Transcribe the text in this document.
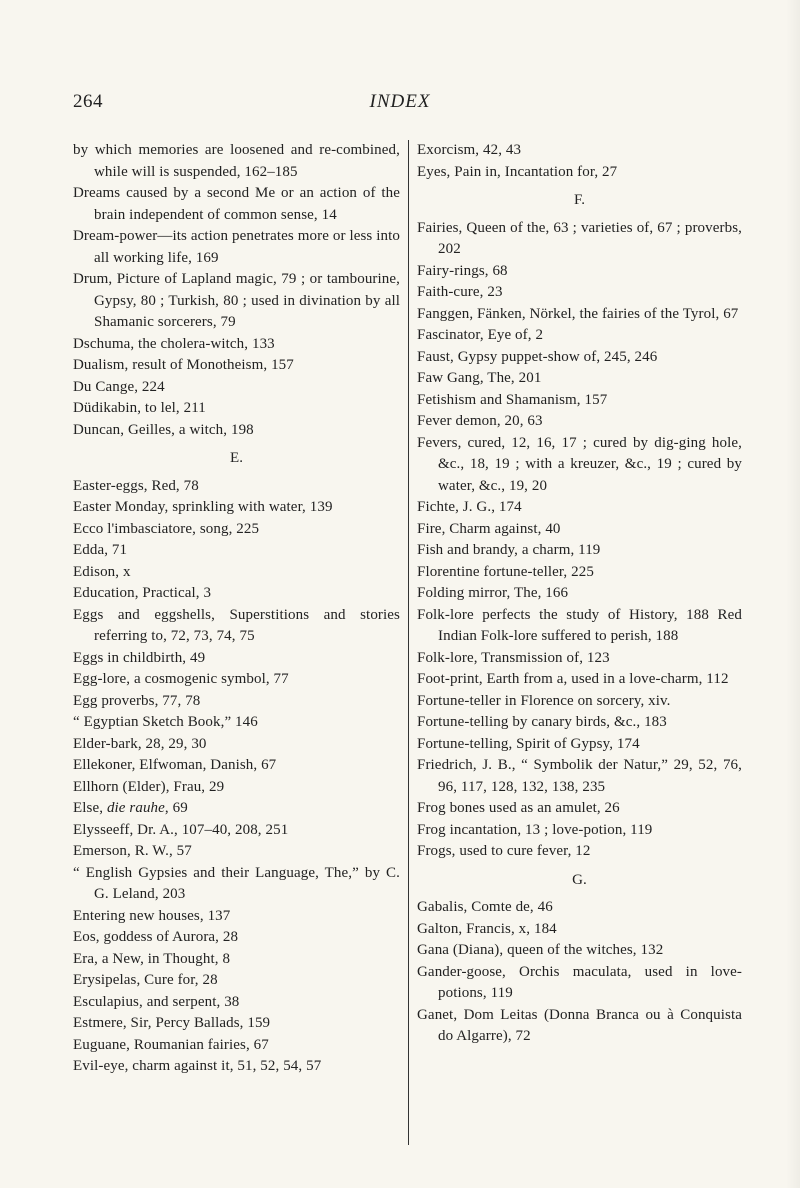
264	INDEX
by which memories are loosened and re-combined, while will is suspended, 162–185
Dreams caused by a second Me or an action of the brain independent of common sense, 14
Dream-power—its action penetrates more or less into all working life, 169
Drum, Picture of Lapland magic, 79 ; or tambourine, Gypsy, 80 ; Turkish, 80 ; used in divination by all Shamanic sorcerers, 79
Dschuma, the cholera-witch, 133
Dualism, result of Monotheism, 157
Du Cange, 224
Düdikabin, to lel, 211
Duncan, Geilles, a witch, 198
E.
Easter-eggs, Red, 78
Easter Monday, sprinkling with water, 139
Ecco l'imbasciatore, song, 225
Edda, 71
Edison, x
Education, Practical, 3
Eggs and eggshells, Superstitions and stories referring to, 72, 73, 74, 75
Eggs in childbirth, 49
Egg-lore, a cosmogenic symbol, 77
Egg proverbs, 77, 78
“ Egyptian Sketch Book,” 146
Elder-bark, 28, 29, 30
Ellekoner, Elfwoman, Danish, 67
Ellhorn (Elder), Frau, 29
Else, die rauhe, 69
Elysseeff, Dr. A., 107–40, 208, 251
Emerson, R. W., 57
“ English Gypsies and their Language, The,” by C. G. Leland, 203
Entering new houses, 137
Eos, goddess of Aurora, 28
Era, a New, in Thought, 8
Erysipelas, Cure for, 28
Esculapius, and serpent, 38
Estmere, Sir, Percy Ballads, 159
Euguane, Roumanian fairies, 67
Evil-eye, charm against it, 51, 52, 54, 57
Exorcism, 42, 43
Eyes, Pain in, Incantation for, 27
F.
Fairies, Queen of the, 63 ; varieties of, 67 ; proverbs, 202
Fairy-rings, 68
Faith-cure, 23
Fanggen, Fänken, Nörkel, the fairies of the Tyrol, 67
Fascinator, Eye of, 2
Faust, Gypsy puppet-show of, 245, 246
Faw Gang, The, 201
Fetishism and Shamanism, 157
Fever demon, 20, 63
Fevers, cured, 12, 16, 17 ; cured by dig-ging hole, &c., 18, 19 ; with a kreuzer, &c., 19 ; cured by water, &c., 19, 20
Fichte, J. G., 174
Fire, Charm against, 40
Fish and brandy, a charm, 119
Florentine fortune-teller, 225
Folding mirror, The, 166
Folk-lore perfects the study of History, 188 Red Indian Folk-lore suffered to perish, 188
Folk-lore, Transmission of, 123
Foot-print, Earth from a, used in a love-charm, 112
Fortune-teller in Florence on sorcery, xiv.
Fortune-telling by canary birds, &c., 183
Fortune-telling, Spirit of Gypsy, 174
Friedrich, J. B., “ Symbolik der Natur,” 29, 52, 76, 96, 117, 128, 132, 138, 235
Frog bones used as an amulet, 26
Frog incantation, 13 ; love-potion, 119
Frogs, used to cure fever, 12
G.
Gabalis, Comte de, 46
Galton, Francis, x, 184
Gana (Diana), queen of the witches, 132
Gander-goose, Orchis maculata, used in love-potions, 119
Ganet, Dom Leitas (Donna Branca ou à Conquista do Algarre), 72
